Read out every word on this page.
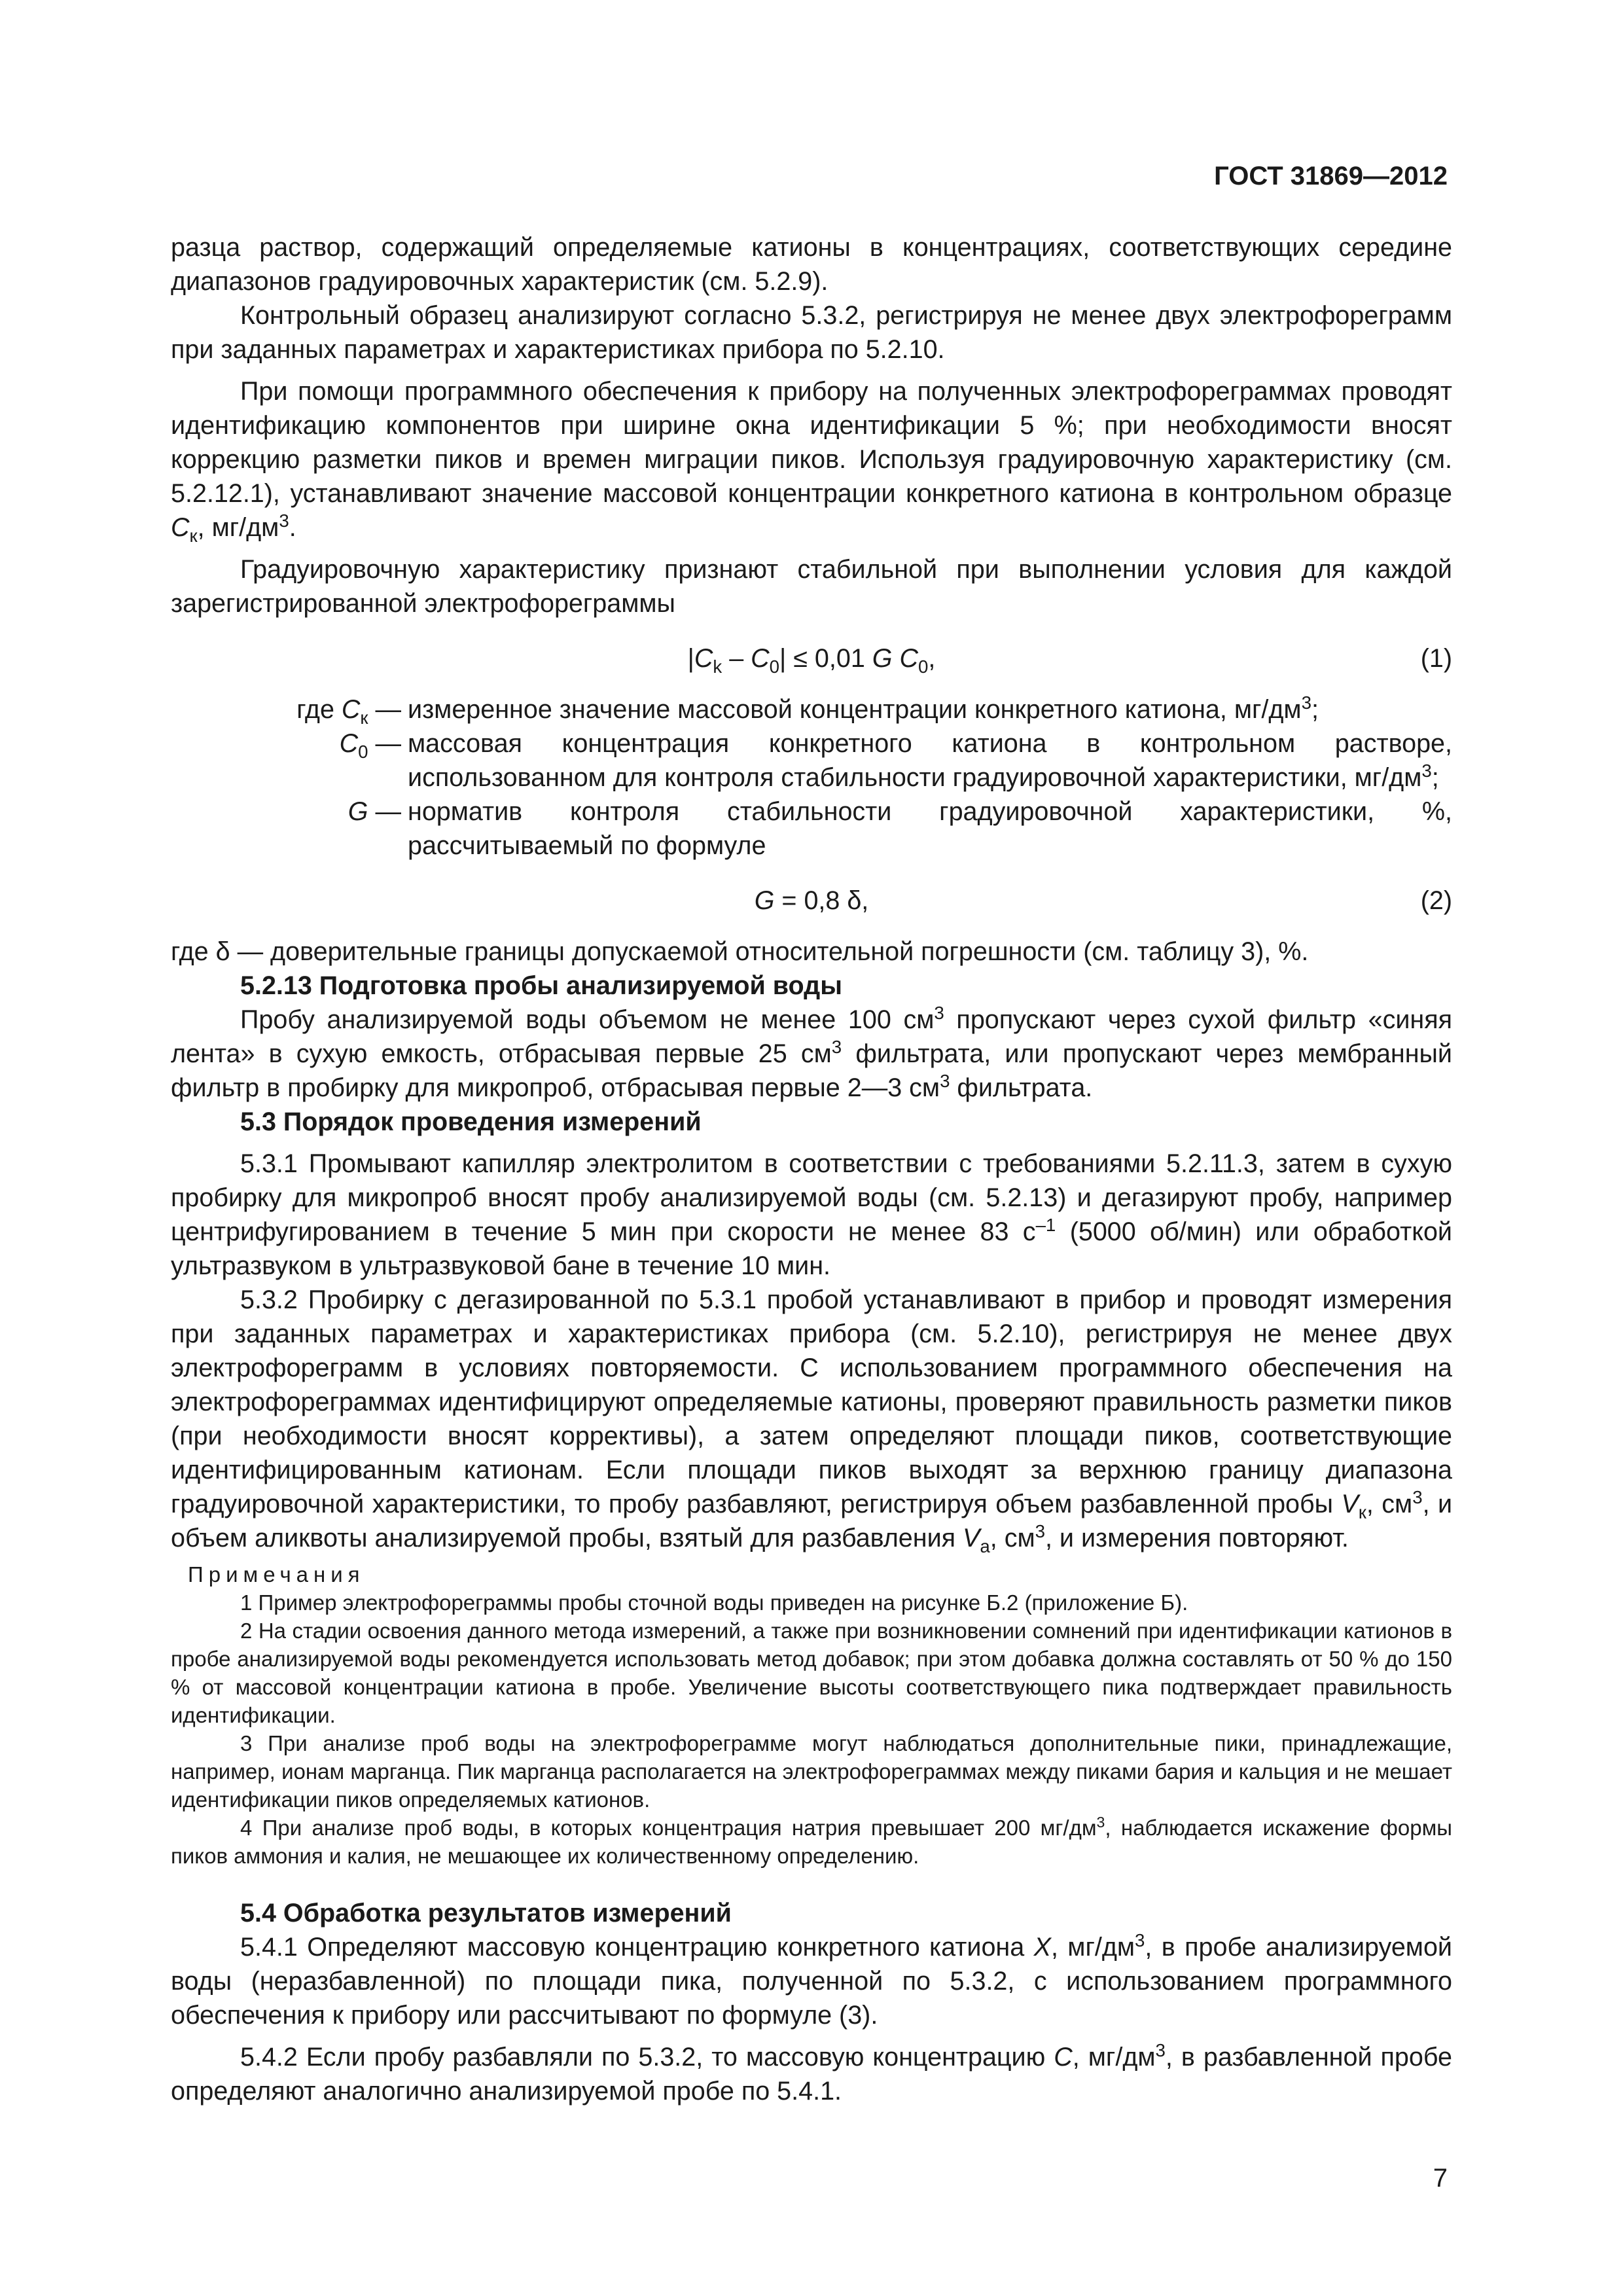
ГОСТ 31869—2012

разца раствор, содержащий определяемые катионы в концентрациях, соответствующих середине диапазонов градуировочных характеристик (см. 5.2.9).

Контрольный образец анализируют согласно 5.3.2, регистрируя не менее двух электрофореграмм при заданных параметрах и характеристиках прибора по 5.2.10.

При помощи программного обеспечения к прибору на полученных электрофореграммах проводят идентификацию компонентов при ширине окна идентификации 5 %; при необходимости вносят коррекцию разметки пиков и времен миграции пиков. Используя градуировочную характеристику (см. 5.2.12.1), устанавливают значение массовой концентрации конкретного катиона в контрольном образце $C_к$, $мг/дм^3$.

Градуировочную характеристику признают стабильной при выполнении условия для каждой зарегистрированной электрофореграммы

$|C_k - C_0| \le 0,01$ G $C_0$,	(1)
где $C_к$ — измеренное значение массовой концентрации конкретного катиона, $мг/дм^3$;
$C_0$ — массовая концентрация конкретного катиона в контрольном растворе, использованном для контроля стабильности градуировочной характеристики, $мг/дм^3$;
G — норматив контроля стабильности градуировочной характеристики, %, рассчитываемый по формуле
G = 0,8 δ,	(2)

где δ — доверительные границы допускаемой относительной погрешности (см. таблицу 3), %.

5.2.13 Подготовка пробы анализируемой воды

Пробу анализируемой воды объемом не менее 100 $см^3$ пропускают через сухой фильтр «синяя лента» в сухую емкость, отбрасывая первые 25 $см^3$ фильтрата, или пропускают через мембранный фильтр в пробирку для микропроб, отбрасывая первые 2—3 $см^3$ фильтрата.

5.3 Порядок проведения измерений

5.3.1 Промывают капилляр электролитом в соответствии с требованиями 5.2.11.3, затем в сухую пробирку для микропроб вносят пробу анализируемой воды (см. 5.2.13) и дегазируют пробу, например центрифугированием в течение 5 мин при скорости не менее 83 $с^{-1}$ (5000 об/мин) или обработкой ультразвуком в ультразвуковой бане в течение 10 мин.

5.3.2 Пробирку с дегазированной по 5.3.1 пробой устанавливают в прибор и проводят измерения при заданных параметрах и характеристиках прибора (см. 5.2.10), регистрируя не менее двух электрофореграмм в условиях повторяемости. С использованием программного обеспечения на электрофореграммах идентифицируют определяемые катионы, проверяют правильность разметки пиков (при необходимости вносят коррективы), а затем определяют площади пиков, соответствующие идентифицированным катионам. Если площади пиков выходят за верхнюю границу диапазона градуировочной характеристики, то пробу разбавляют, регистрируя объем разбавленной пробы $V_к$, $см^3$, и объем аликвоты анализируемой пробы, взятый для разбавления $V_a$, $см^3$, и измерения повторяют.

Примечания

1 Пример электрофореграммы пробы сточной воды приведен на рисунке Б.2 (приложение Б).

2 На стадии освоения данного метода измерений, а также при возникновении сомнений при идентификации катионов в пробе анализируемой воды рекомендуется использовать метод добавок; при этом добавка должна составлять от 50 % до 150 % от массовой концентрации катиона в пробе. Увеличение высоты соответствующего пика подтверждает правильность идентификации.

3 При анализе проб воды на электрофореграмме могут наблюдаться дополнительные пики, принадлежащие, например, ионам марганца. Пик марганца располагается на электрофореграммах между пиками бария и кальция и не мешает идентификации пиков определяемых катионов.

4 При анализе проб воды, в которых концентрация натрия превышает 200 $мг/дм^3$, наблюдается искажение формы пиков аммония и калия, не мешающее их количественному определению.

5.4 Обработка результатов измерений

5.4.1 Определяют массовую концентрацию конкретного катиона X, $мг/дм^3$, в пробе анализируемой воды (неразбавленной) по площади пика, полученной по 5.3.2, с использованием программного обеспечения к прибору или рассчитывают по формуле (3).

5.4.2 Если пробу разбавляли по 5.3.2, то массовую концентрацию C, $мг/дм^3$, в разбавленной пробе определяют аналогично анализируемой пробе по 5.4.1.

7
